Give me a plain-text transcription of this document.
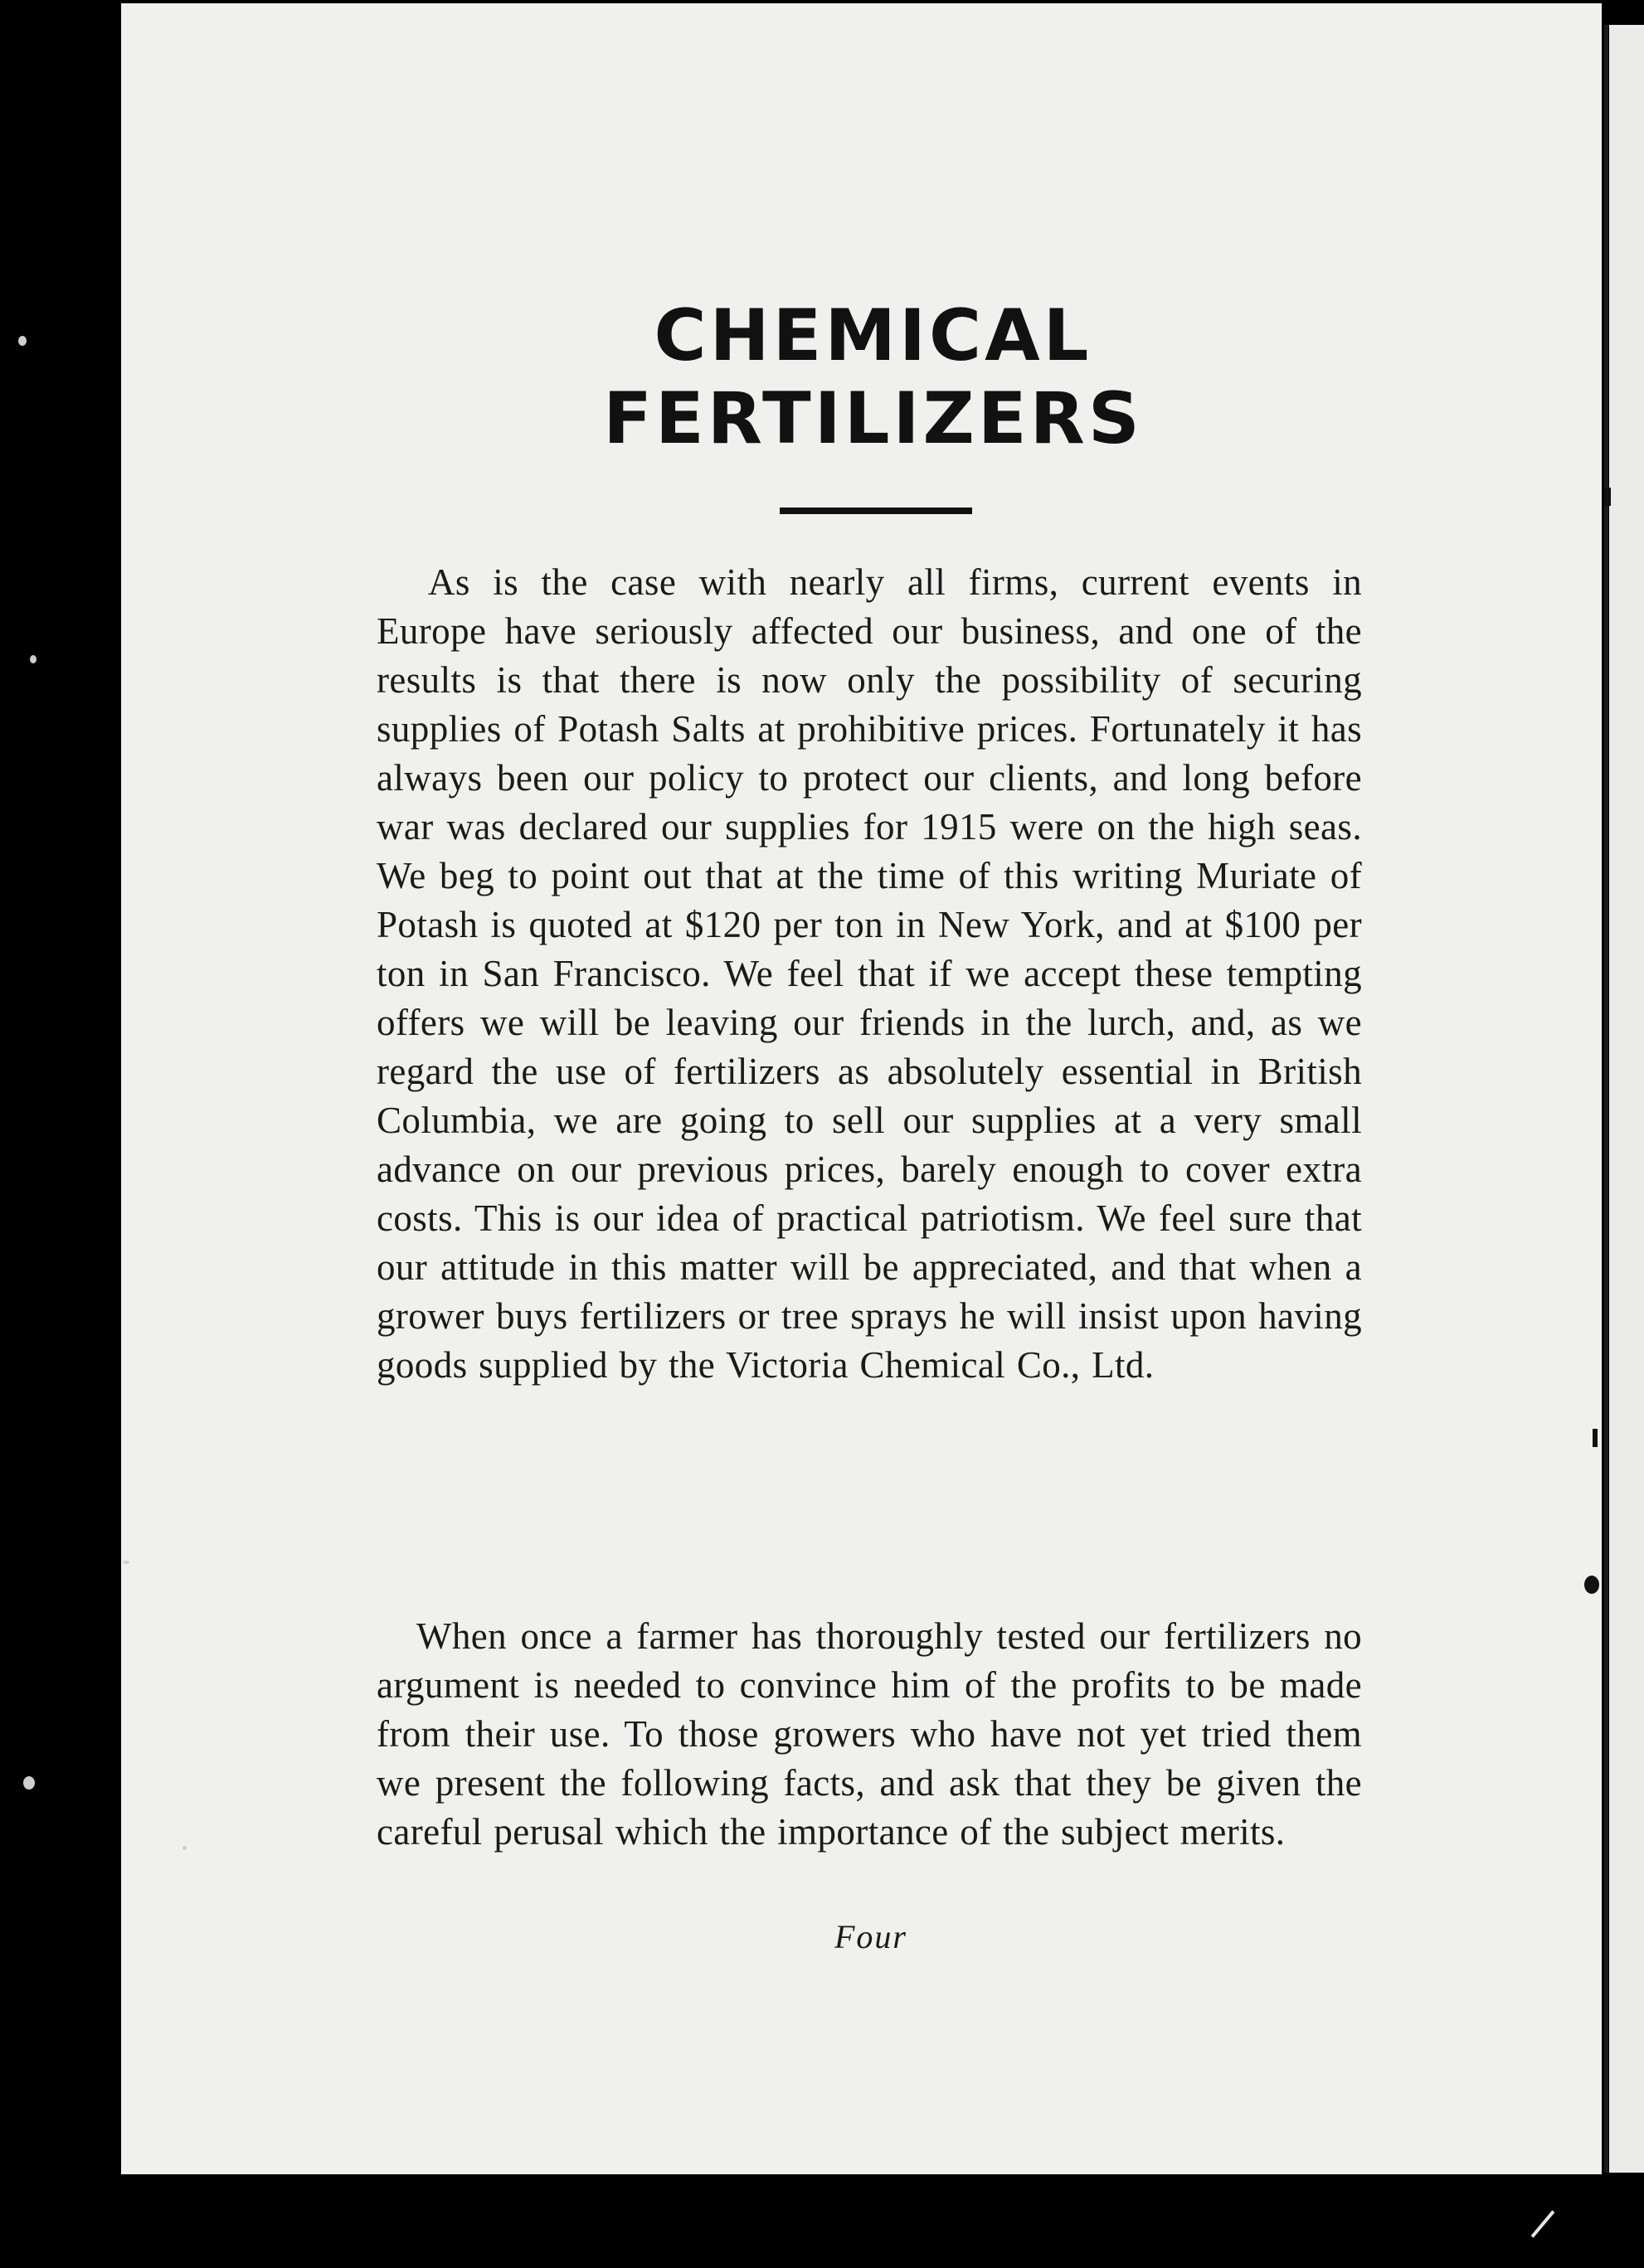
CHEMICAL
FERTILIZERS
As is the case with nearly all firms, current events in Europe have seriously affected our business, and one of the results is that there is now only the possibility of securing supplies of Potash Salts at prohibitive prices. Fortunately it has always been our policy to protect our clients, and long before war was declared our supplies for 1915 were on the high seas. We beg to point out that at the time of this writing Muriate of Potash is quoted at $120 per ton in New York, and at $100 per ton in San Francisco. We feel that if we accept these tempting offers we will be leaving our friends in the lurch, and, as we regard the use of fertilizers as absolutely essential in British Columbia, we are going to sell our supplies at a very small advance on our previous prices, barely enough to cover extra costs. This is our idea of practical patriotism. We feel sure that our attitude in this matter will be appreciated, and that when a grower buys fertilizers or tree sprays he will insist upon having goods supplied by the Victoria Chemical Co., Ltd.
When once a farmer has thoroughly tested our fertilizers no argument is needed to convince him of the profits to be made from their use. To those growers who have not yet tried them we present the following facts, and ask that they be given the careful perusal which the importance of the subject merits.
Four
